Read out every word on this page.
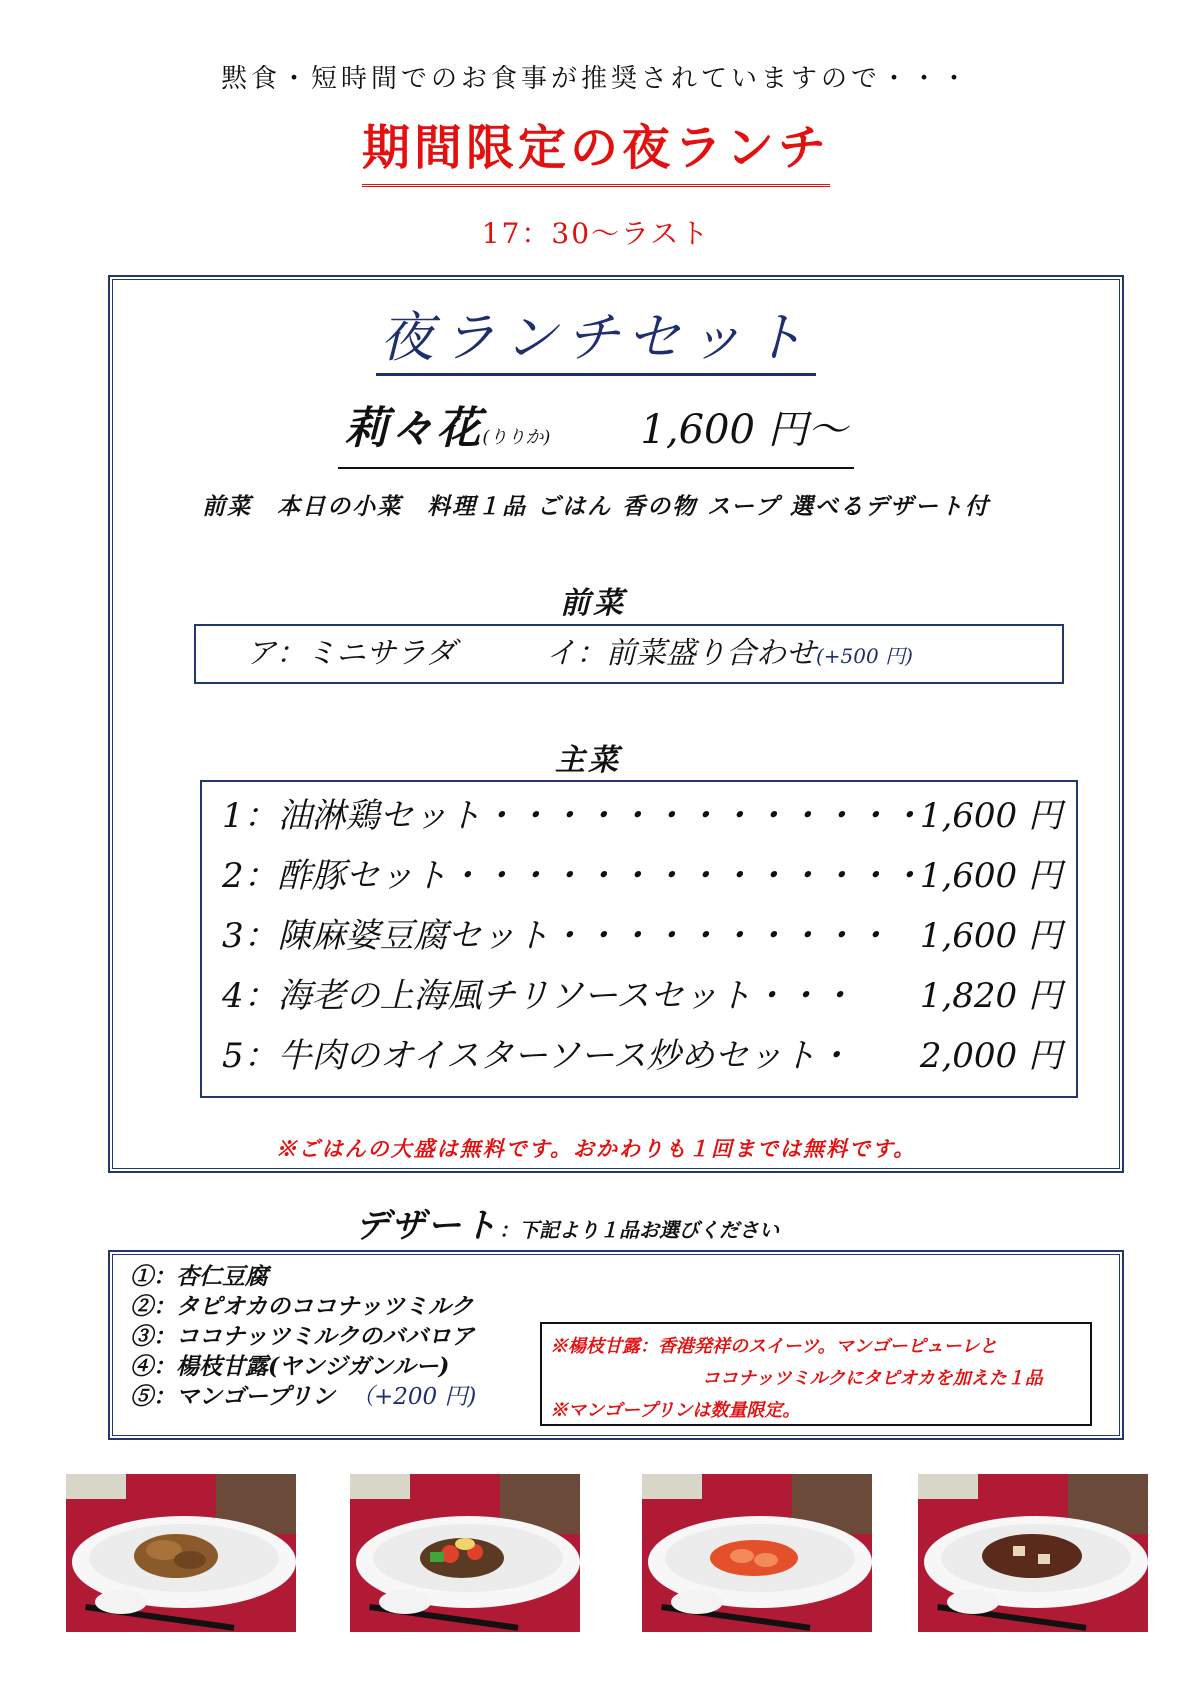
黙食・短時間でのお食事が推奨されていますので・・・
期間限定の夜ランチ
17：30〜ラスト
夜ランチセット
莉々花(りりか) 1,600 円〜
前菜　本日の小菜　料理１品 ごはん 香の物 スープ 選べるデザート付
前菜
ア：ミニサラダ	イ：前菜盛り合わせ(+500 円)
主菜
1：油淋鶏セット・・・・・・・・・・・・・
1,600 円
2：酢豚セット・・・・・・・・・・・・・・
1,600 円
3：陳麻婆豆腐セット・・・・・・・・・・ 1,600 円
4：海老の上海風チリソースセット・・・ 1,820 円
5：牛肉のオイスターソース炒めセット・ 2,000 円
※ごはんの大盛は無料です。おかわりも１回までは無料です。
デザート：下記より１品お選びください
①：杏仁豆腐
②：タピオカのココナッツミルク
③：ココナッツミルクのババロア
④：楊枝甘露(ヤンジガンルー)
⑤：マンゴープリン （+200 円)
※楊枝甘露：香港発祥のスイーツ。マンゴーピューレと
ココナッツミルクにタピオカを加えた１品
※マンゴープリンは数量限定。
